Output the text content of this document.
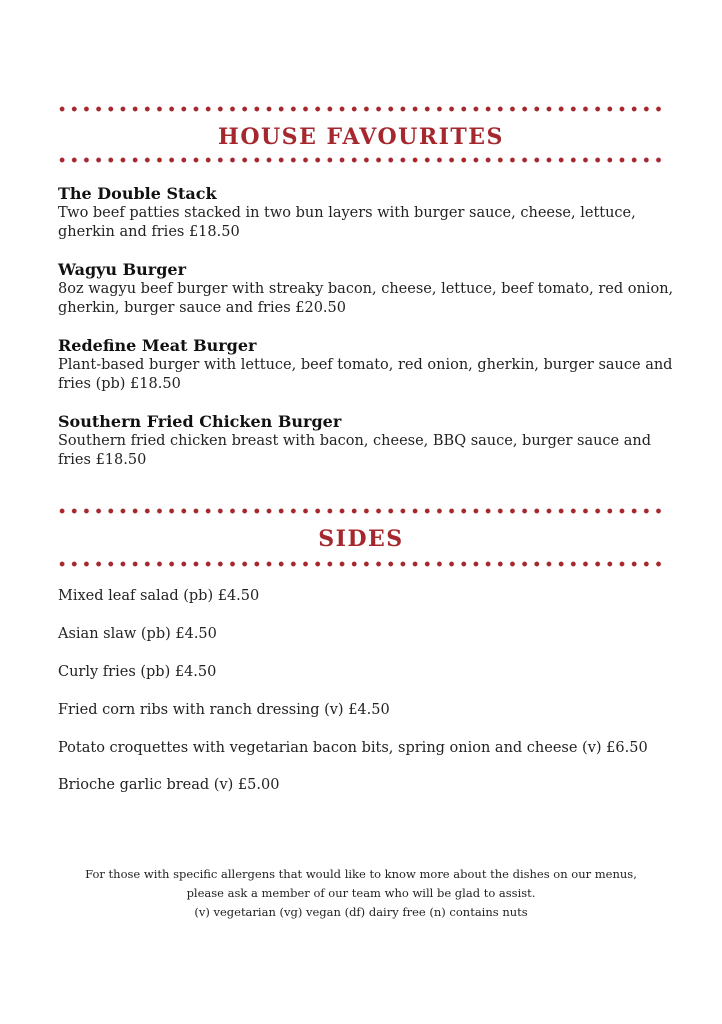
HOUSE FAVOURITES
The Double Stack
Two beef patties stacked in two bun layers with burger sauce, cheese, lettuce,
gherkin and fries £18.50
Wagyu Burger
8oz wagyu beef burger with streaky bacon, cheese, lettuce, beef tomato, red onion,
gherkin, burger sauce and fries £20.50
Redefine Meat Burger
Plant-based burger with lettuce, beef tomato, red onion, gherkin, burger sauce and
fries (pb) £18.50
Southern Fried Chicken Burger
Southern fried chicken breast with bacon, cheese, BBQ sauce, burger sauce and
fries £18.50
SIDES
Mixed leaf salad (pb) £4.50
Asian slaw (pb) £4.50
Curly fries (pb) £4.50
Fried corn ribs with ranch dressing (v) £4.50
Potato croquettes with vegetarian bacon bits, spring onion and cheese (v) £6.50
Brioche garlic bread (v) £5.00
For those with specific allergens that would like to know more about the dishes on our menus,
please ask a member of our team who will be glad to assist.
(v) vegetarian (vg) vegan (df) dairy free (n) contains nuts
